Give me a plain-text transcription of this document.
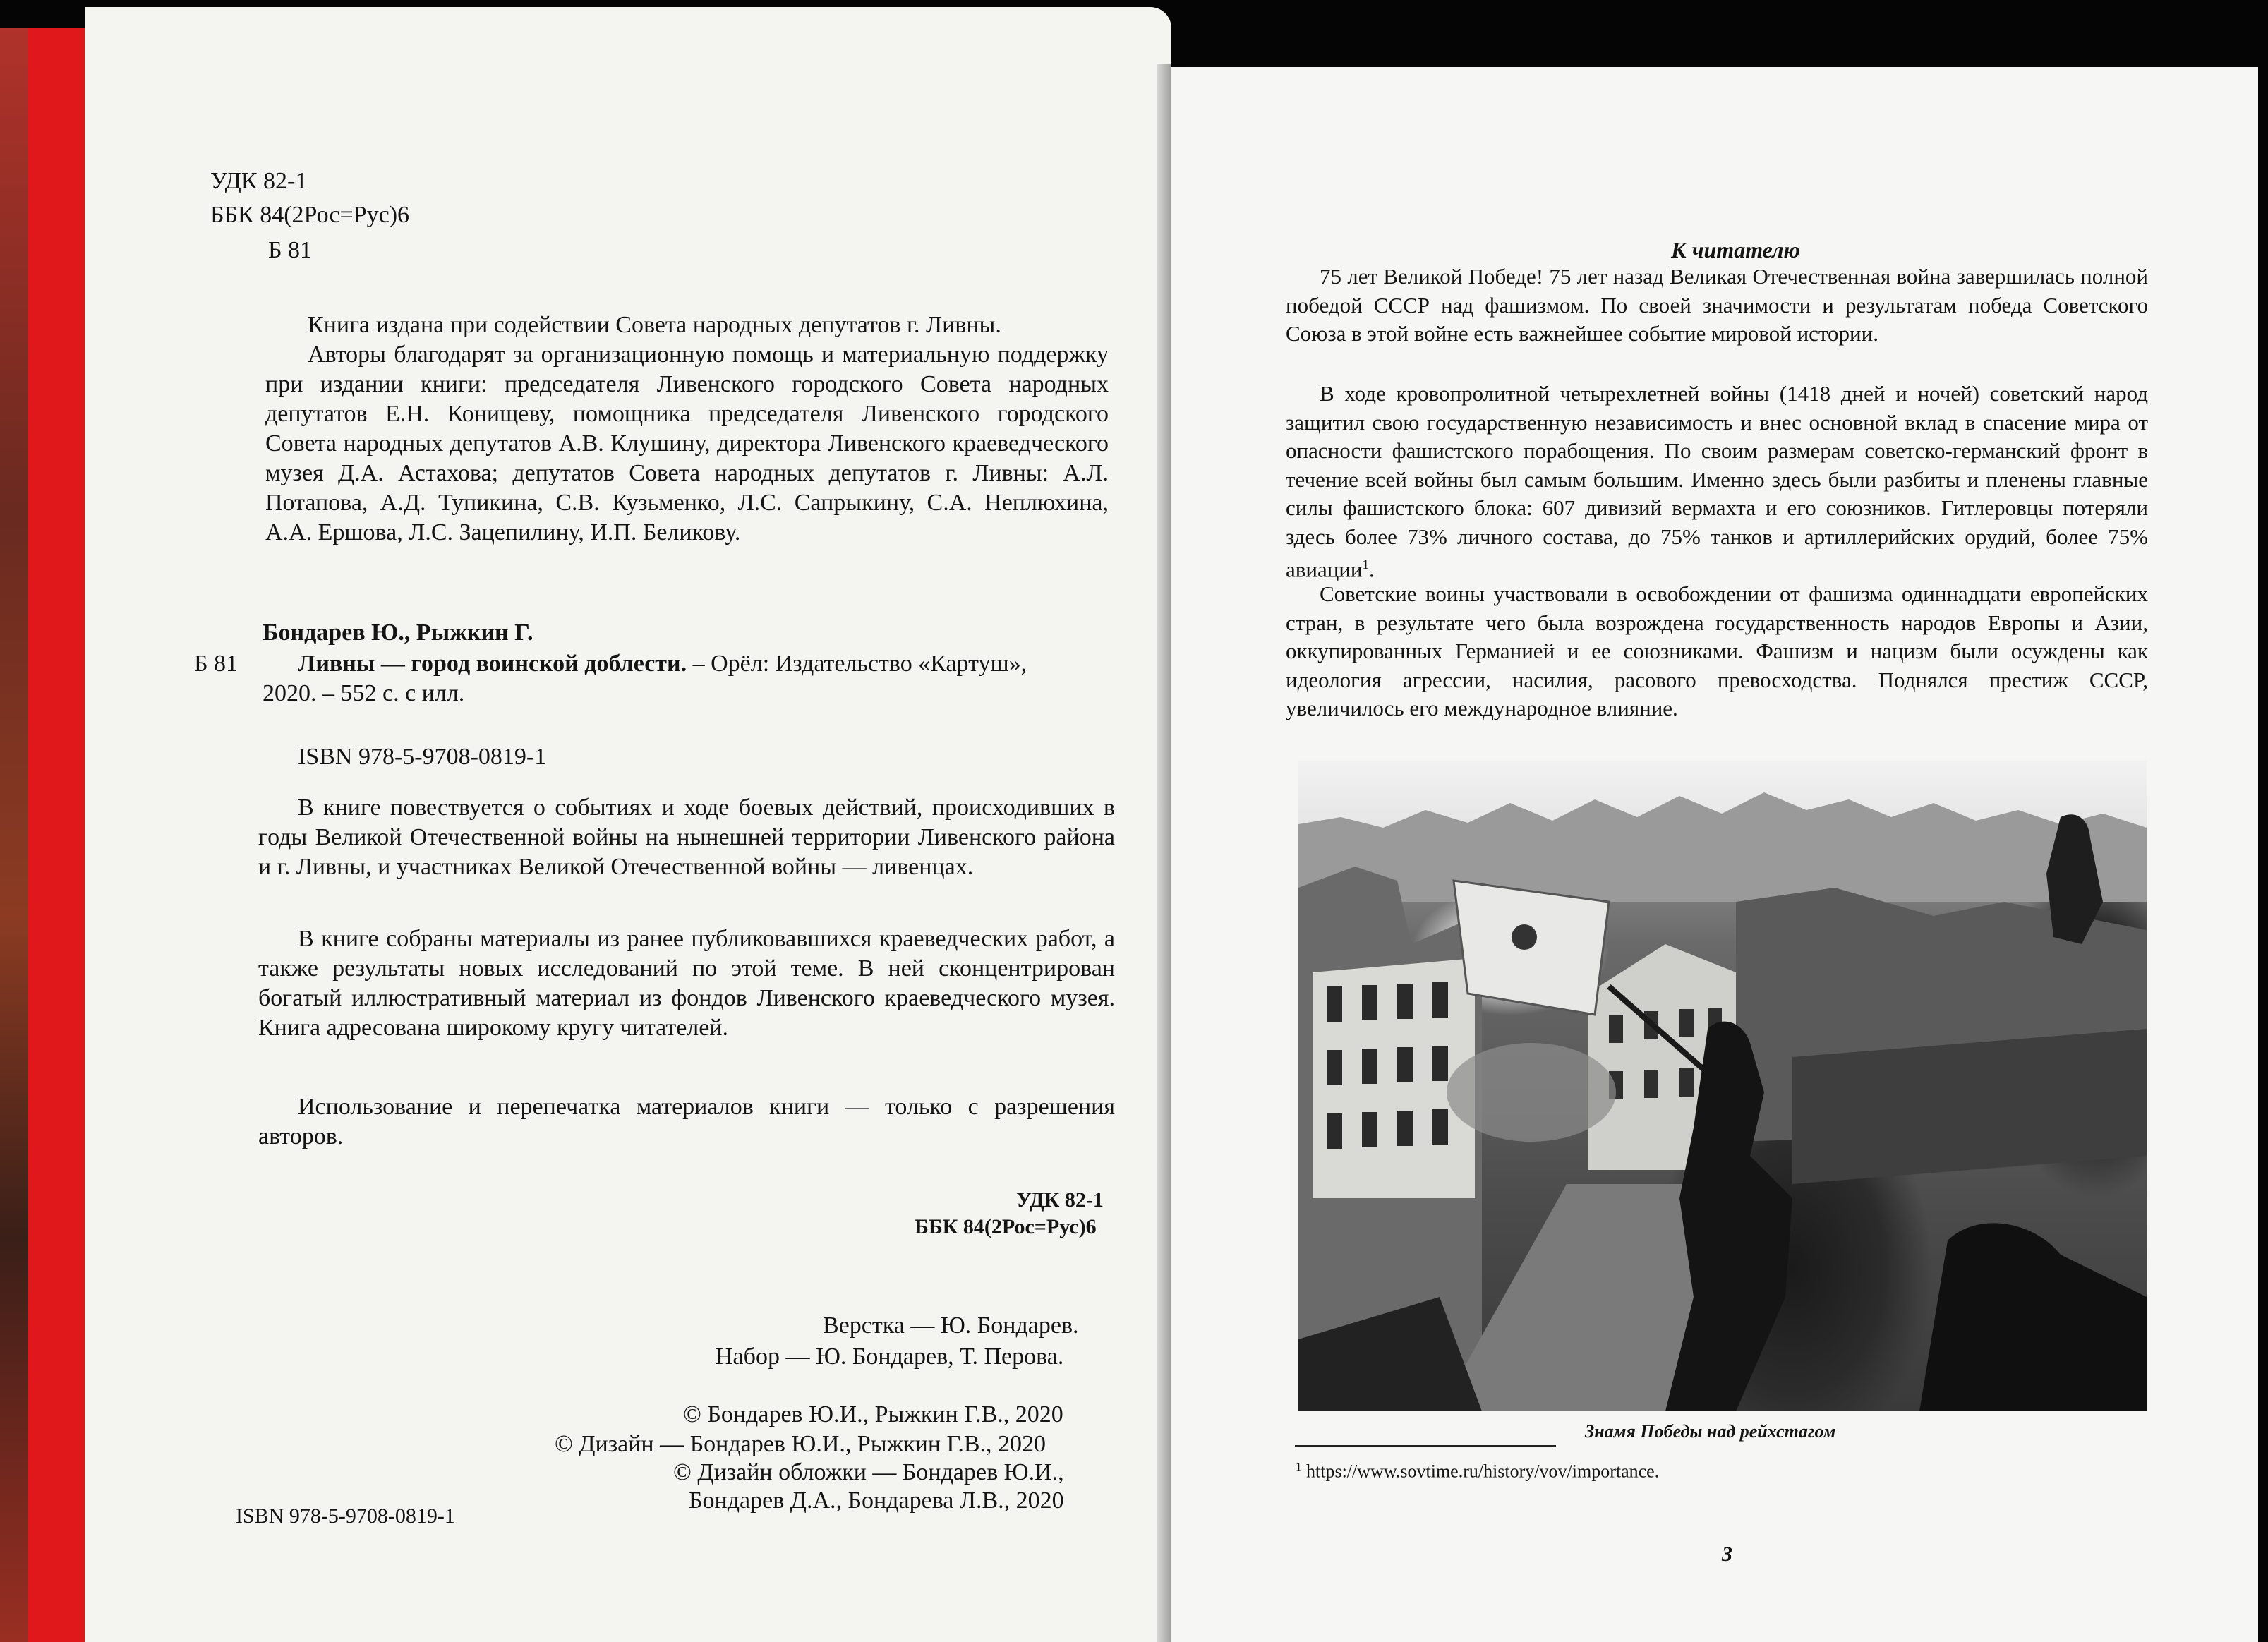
УДК 82-1

ББК 84(2Рос=Рус)6

Б 81

Книга издана при содействии Совета народных депутатов г. Ливны.

Авторы благодарят за организационную помощь и материальную поддержку при издании книги: председателя Ливенского городского Совета народных депутатов Е.Н. Конищеву, помощника председателя Ливенского городского Совета народных депутатов А.В. Клушину, директора Ливенского краеведческого музея Д.А. Астахова; депутатов Совета народных депутатов г. Ливны: А.Л. Потапова, А.Д. Тупикина, С.В. Кузьменко, Л.С. Сапрыкину, С.А. Неплюхина, А.А. Ершова, Л.С. Зацепилину, И.П. Беликову.

Бондарев Ю., Рыжкин Г.

Б 81 Ливны — город воинской доблести. – Орёл: Издательство «Картуш»,

2020. – 552 с. с илл.

ISBN 978-5-9708-0819-1

В книге повествуется о событиях и ходе боевых действий, происходивших в годы Великой Отечественной войны на нынешней территории Ливенского района и г. Ливны, и участниках Великой Отечественной войны — ливенцах.

В книге собраны материалы из ранее публиковавшихся краеведческих работ, а также результаты новых исследований по этой теме. В ней сконцентрирован богатый иллюстративный материал из фондов Ливенского краеведческого музея. Книга адресована широкому кругу читателей.

Использование и перепечатка материалов книги — только с разрешения авторов.

УДК 82-1

ББК 84(2Рос=Рус)6

Верстка — Ю. Бондарев.

Набор — Ю. Бондарев, Т. Перова.

© Бондарев Ю.И., Рыжкин Г.В., 2020

© Дизайн — Бондарев Ю.И., Рыжкин Г.В., 2020

© Дизайн обложки — Бондарев Ю.И.,

Бондарев Д.А., Бондарева Л.В., 2020

ISBN 978-5-9708-0819-1

К читателю

75 лет Великой Победе! 75 лет назад Великая Отечественная война завершилась полной победой СССР над фашизмом. По своей значимости и результатам победа Советского Союза в этой войне есть важнейшее событие мировой истории.

В ходе кровопролитной четырехлетней войны (1418 дней и ночей) советский народ защитил свою государственную независимость и внес основной вклад в спасение мира от опасности фашистского порабощения. По своим размерам советско-германский фронт в течение всей войны был самым большим. Именно здесь были разбиты и пленены главные силы фашистского блока: 607 дивизий вермахта и его союзников. Гитлеровцы потеряли здесь более 73% личного состава, до 75% танков и артиллерийских орудий, более 75% авиации$^1$.

Советские воины участвовали в освобождении от фашизма одиннадцати европейских стран, в результате чего была возрождена государственность народов Европы и Азии, оккупированных Германией и ее союзниками. Фашизм и нацизм были осуждены как идеология агрессии, насилия, расового превосходства. Поднялся престиж СССР, увеличилось его международное влияние.

Знамя Победы над рейхстагом

$^1$ https://www.sovtime.ru/history/vov/importance.

3
